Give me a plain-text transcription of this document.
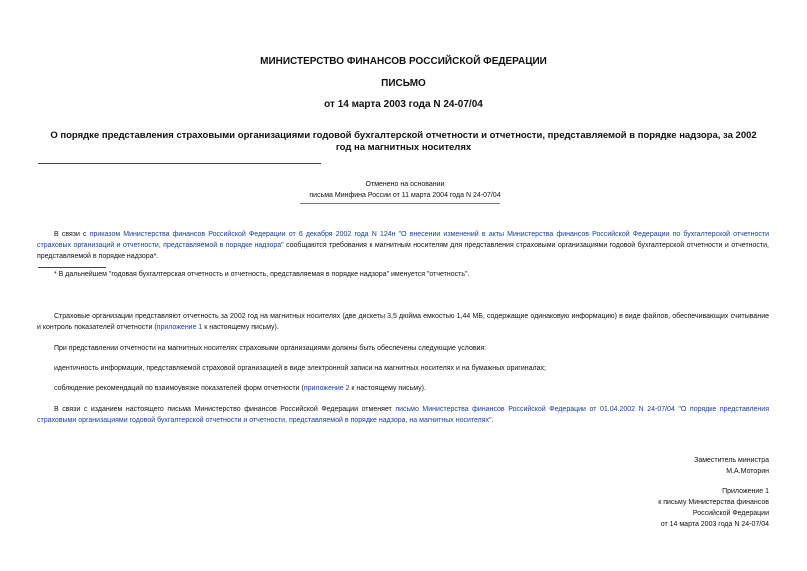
МИНИСТЕРСТВО ФИНАНСОВ РОССИЙСКОЙ ФЕДЕРАЦИИ
ПИСЬМО
от 14 марта 2003 года N 24-07/04
О порядке представления страховыми организациями годовой бухгалтерской отчетности и отчетности, представляемой в порядке надзора, за 2002 год на магнитных носителях
Отменено на основании
письма Минфина России от 11 марта 2004 года N 24-07/04
В связи с приказом Министерства финансов Российской Федерации от 6 декабря 2002 года N 124н "О внесении изменений в акты Министерства финансов Российской Федерации по бухгалтерской отчетности страховых организаций и отчетности, представляемой в порядке надзора" сообщаются требования к магнитным носителям для представления страховыми организациями годовой бухгалтерской отчетности и отчетности, представляемой в порядке надзора*.
* В дальнейшем "годовая бухгалтерская отчетность и отчетность, представляемая в порядке надзора" именуется "отчетность".
Страховые организации представляют отчетность за 2002 год на магнитных носителях (две дискеты 3,5 дюйма емкостью 1,44 МБ, содержащие одинаковую информацию) в виде файлов, обеспечивающих считывание и контроль показателей отчетности (приложение 1 к настоящему письму).
При представлении отчетности на магнитных носителях страховыми организациями должны быть обеспечены следующие условия:
идентичность информации, представляемой страховой организацией в виде электронной записи на магнитных носителях и на бумажных оригиналах;
соблюдение рекомендаций по взаимоувязке показателей форм отчетности (приложение 2 к настоящему письму).
В связи с изданием настоящего письма Министерство финансов Российской Федерации отменяет письмо Министерства финансов Российской Федерации от 01.04.2002 N 24-07/04 "О порядке представления страховыми организациями годовой бухгалтерской отчетности и отчетности, представляемой в порядке надзора, на магнитных носителях".
Заместитель министра
М.А.Моторин
Приложение 1
к письму Министерства финансов
Российской Федерации
от 14 марта 2003 года N 24-07/04
